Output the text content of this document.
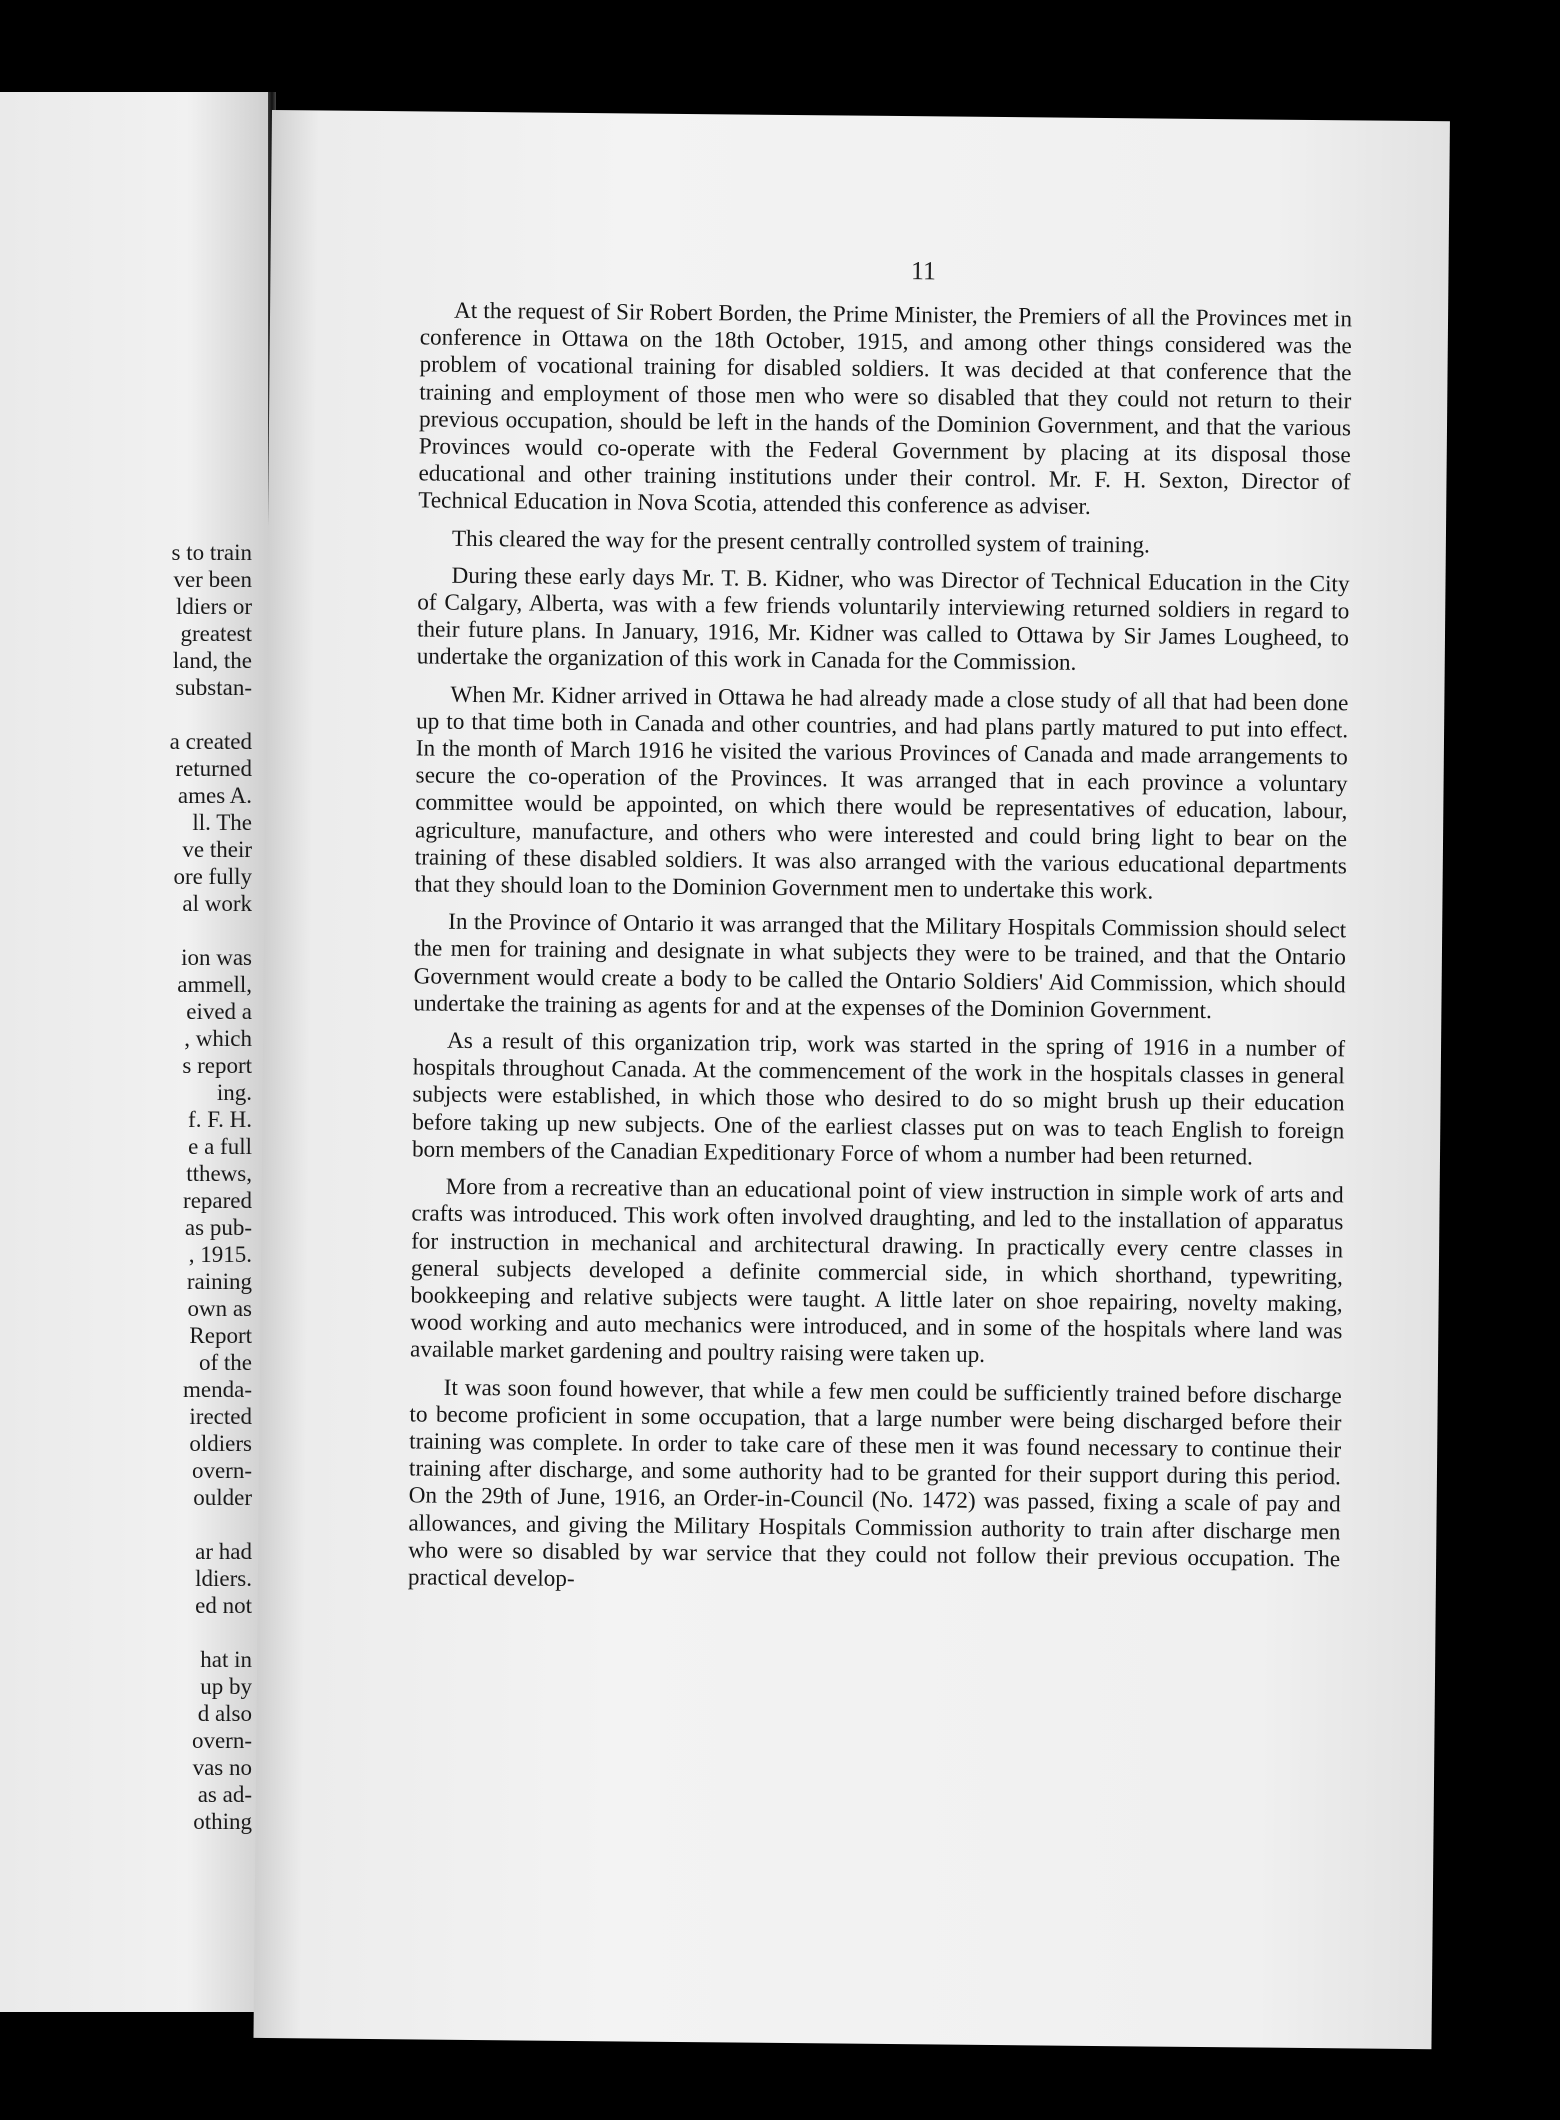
s to train
ver been
ldiers or
greatest
land, the
substan-
a created
returned
ames A.
ll. The
ve their
ore fully
al work
ion was
ammell,
eived a
, which
s report
ing.
f. F. H.
e a full
tthews,
repared
as pub-
, 1915.
raining
own as
Report
of the
menda-
irected
oldiers
overn-
oulder
ar had
ldiers.
ed not
hat in
up by
d also
overn-
vas no
as ad-
othing
11

At the request of Sir Robert Borden, the Prime Minister, the Premiers of all the Provinces met in conference in Ottawa on the 18th October, 1915, and among other things considered was the problem of vocational training for disabled soldiers. It was decided at that conference that the training and employment of those men who were so disabled that they could not return to their previous occupation, should be left in the hands of the Dominion Government, and that the various Provinces would co-operate with the Federal Government by placing at its disposal those educational and other training institutions under their control. Mr. F. H. Sexton, Director of Technical Education in Nova Scotia, attended this conference as adviser.

This cleared the way for the present centrally controlled system of training.

During these early days Mr. T. B. Kidner, who was Director of Technical Education in the City of Calgary, Alberta, was with a few friends voluntarily interviewing returned soldiers in regard to their future plans. In January, 1916, Mr. Kidner was called to Ottawa by Sir James Lougheed, to undertake the organization of this work in Canada for the Commission.

When Mr. Kidner arrived in Ottawa he had already made a close study of all that had been done up to that time both in Canada and other countries, and had plans partly matured to put into effect. In the month of March 1916 he visited the various Provinces of Canada and made arrangements to secure the co-operation of the Provinces. It was arranged that in each province a voluntary committee would be appointed, on which there would be representatives of education, labour, agriculture, manufacture, and others who were interested and could bring light to bear on the training of these disabled soldiers. It was also arranged with the various educational departments that they should loan to the Dominion Government men to undertake this work.

In the Province of Ontario it was arranged that the Military Hospitals Commission should select the men for training and designate in what subjects they were to be trained, and that the Ontario Government would create a body to be called the Ontario Soldiers' Aid Commission, which should undertake the training as agents for and at the expenses of the Dominion Government.

As a result of this organization trip, work was started in the spring of 1916 in a number of hospitals throughout Canada. At the commencement of the work in the hospitals classes in general subjects were established, in which those who desired to do so might brush up their education before taking up new subjects. One of the earliest classes put on was to teach English to foreign born members of the Canadian Expeditionary Force of whom a number had been returned.

More from a recreative than an educational point of view instruction in simple work of arts and crafts was introduced. This work often involved draughting, and led to the installation of apparatus for instruction in mechanical and architectural drawing. In practically every centre classes in general subjects developed a definite commercial side, in which shorthand, typewriting, bookkeeping and relative subjects were taught. A little later on shoe repairing, novelty making, wood working and auto mechanics were introduced, and in some of the hospitals where land was available market gardening and poultry raising were taken up.

It was soon found however, that while a few men could be sufficiently trained before discharge to become proficient in some occupation, that a large number were being discharged before their training was complete. In order to take care of these men it was found necessary to continue their training after discharge, and some authority had to be granted for their support during this period. On the 29th of June, 1916, an Order-in-Council (No. 1472) was passed, fixing a scale of pay and allowances, and giving the Military Hospitals Commission authority to train after discharge men who were so disabled by war service that they could not follow their previous occupation. The practical develop-
